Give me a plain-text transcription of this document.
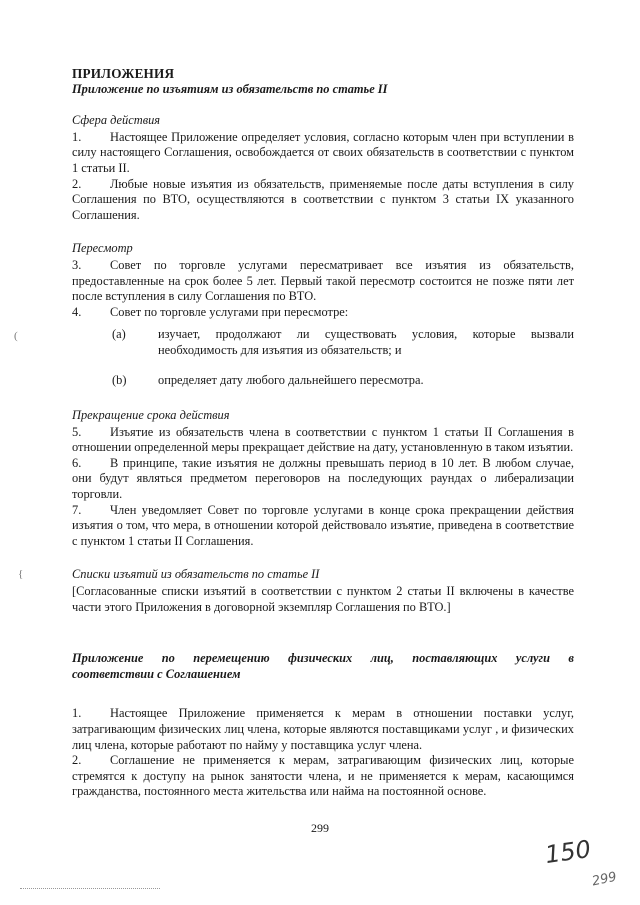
ПРИЛОЖЕНИЯ
Приложение по изъятиям из обязательств по статье II
Сфера действия

1. Настоящее Приложение определяет условия, согласно которым член при вступлении в силу настоящего Соглашения, освобождается от своих обязательств в соответствии с пунктом 1 статьи II.

2. Любые новые изъятия из обязательств, применяемые после даты вступления в силу Соглашения по ВТО, осуществляются в соответствии с пунктом 3 статьи IX указанного Соглашения.

Пересмотр

3. Совет по торговле услугами пересматривает все изъятия из обязательств, предоставленные на срок более 5 лет. Первый такой пересмотр состоится не позже пяти лет после вступления в силу Соглашения по ВТО.

4. Совет по торговле услугами при пересмотре:

(a)	изучает, продолжают ли существовать условия, которые вызвали необходимость для изъятия из обязательств; и
(b)	определяет дату любого дальнейшего пересмотра.
Прекращение срока действия

5. Изъятие из обязательств члена в соответствии с пунктом 1 статьи II Соглашения в отношении определенной меры прекращает действие на дату, установленную в таком изъятии.

6. В принципе, такие изъятия не должны превышать период в 10 лет. В любом случае, они будут являться предметом переговоров на последующих раундах о либерализации торговли.

7. Член уведомляет Совет по торговле услугами в конце срока прекращении действия изъятия о том, что мера, в отношении которой действовало изъятие, приведена в соответствие с пунктом 1 статьи II Соглашения.

Списки изъятий из обязательств по статье II

[Согласованные списки изъятий в соответствии с пунктом 2 статьи II включены в качестве части этого Приложения в договорной экземпляр Соглашения по ВТО.]

Приложение по перемещению физических лиц, поставляющих услуги в
соответствии с Соглашением

1. Настоящее Приложение применяется к мерам в отношении поставки услуг, затрагивающим физических лиц члена, которые являются поставщиками услуг , и физических лиц члена, которые работают по найму у поставщика услуг члена.

2. Соглашение не применяется к мерам, затрагивающим физических лиц, которые стремятся к доступу на рынок занятости члена, и не применяется к мерам, касающимся гражданства, постоянного места жительства или найма на постоянной основе.

299
150
299
(
{
